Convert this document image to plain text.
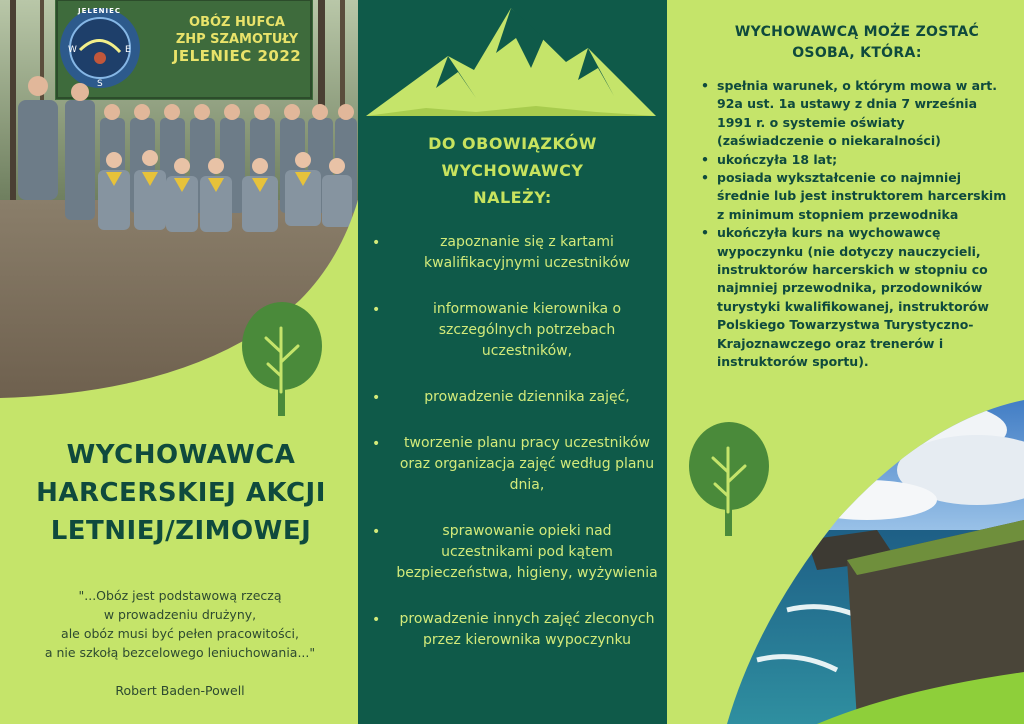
W	E
S
JELENIEC
OBÓZ HUFCA
ZHP SZAMOTUŁY
JELENIEC 2022
WYCHOWAWCA
HARCERSKIEJ AKCJI
LETNIEJ/ZIMOWEJ
"...Obóz jest podstawową rzeczą
w prowadzeniu drużyny,
ale obóz musi być pełen pracowitości,
a nie szkołą bezcelowego leniuchowania..."
Robert Baden-Powell
DO OBOWIĄZKÓW
WYCHOWAWCY
NALEŻY:
•	zapoznanie się z kartami kwalifikacyjnymi uczestników
•	informowanie kierownika o szczególnych potrzebach uczestników,
•	prowadzenie dziennika zajęć,
• tworzenie planu pracy uczestników oraz organizacja zajęć według planu dnia,
•	sprawowanie opieki nad uczestnikami pod kątem bezpieczeństwa, higieny, wyżywienia
• prowadzenie innych zajęć zleconych przez kierownika wypoczynku
WYCHOWAWCĄ MOŻE ZOSTAĆ
OSOBA, KTÓRA:
• spełnia warunek, o którym mowa w art. 92a ust. 1a ustawy z dnia 7 września 1991 r. o systemie oświaty (zaświadczenie o niekaralności)
• ukończyła 18 lat;
• posiada wykształcenie co najmniej średnie lub jest instruktorem harcerskim z minimum stopniem przewodnika
• ukończyła kurs na wychowawcę wypoczynku (nie dotyczy nauczycieli, instruktorów harcerskich w stopniu co najmniej przewodnika, przodowników turystyki kwalifikowanej, instruktorów Polskiego Towarzystwa Turystyczno-Krajoznawczego oraz trenerów i instruktorów sportu).
